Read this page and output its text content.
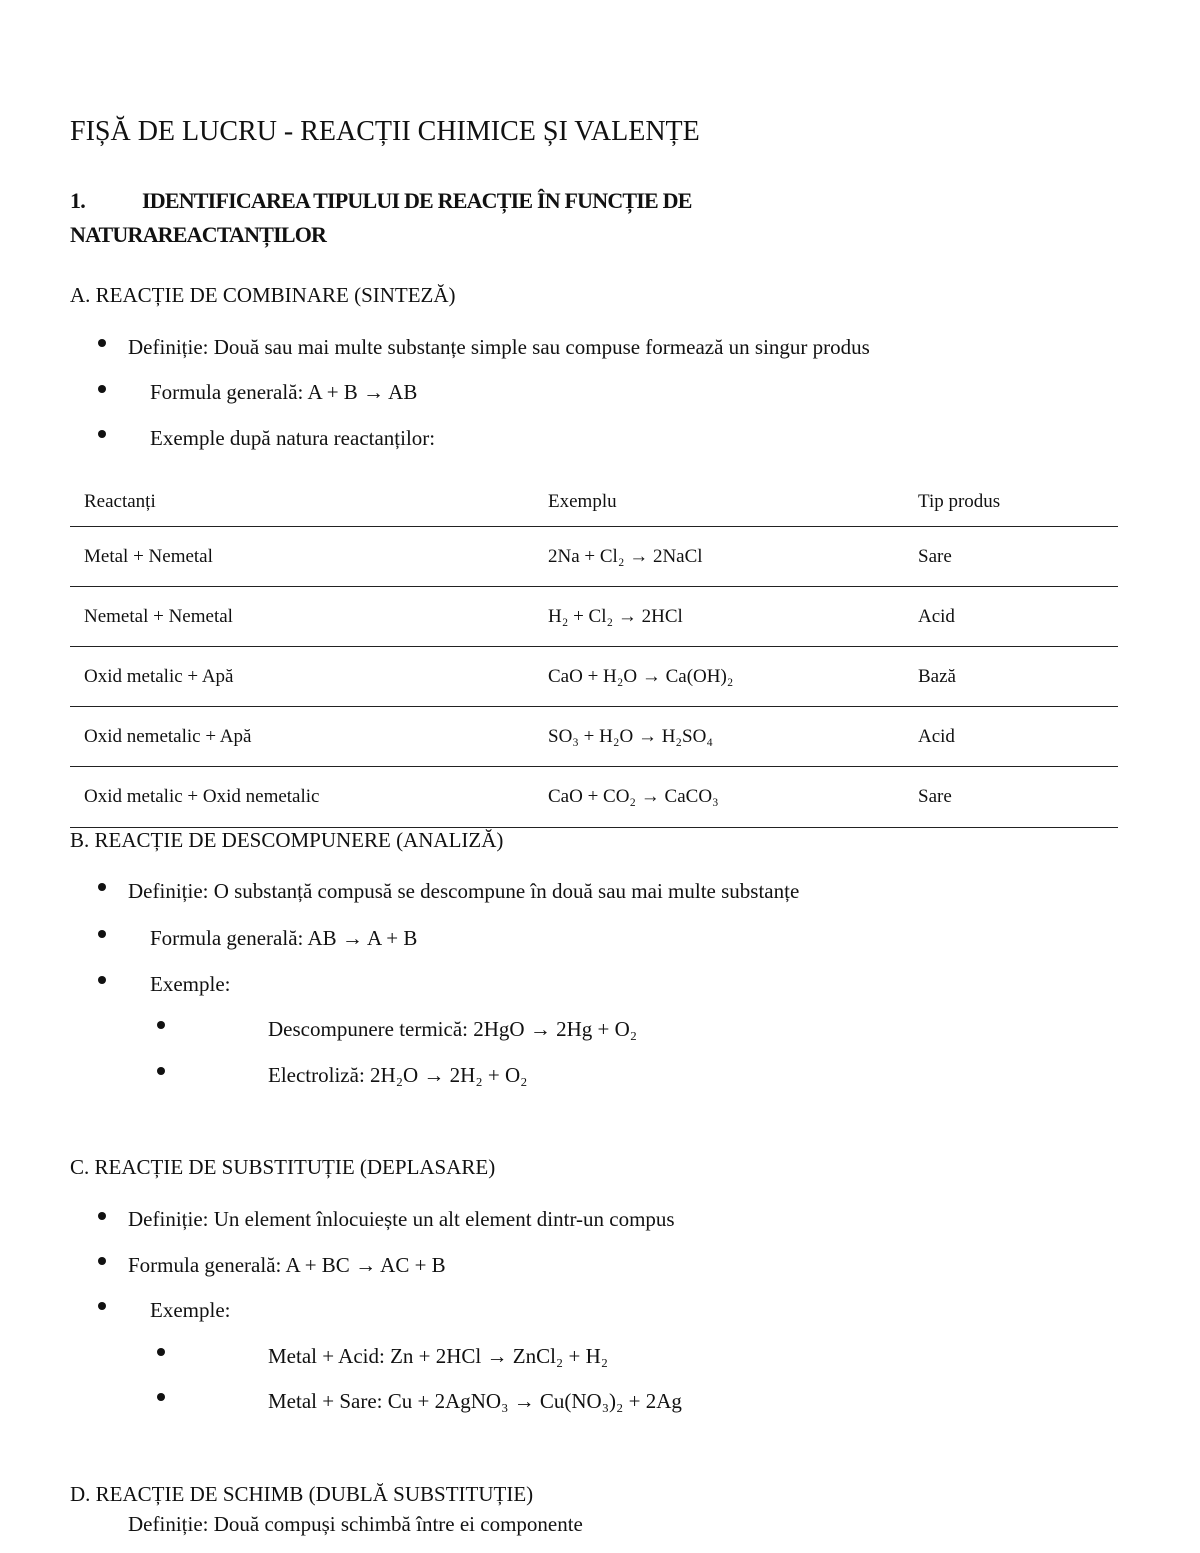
FIȘĂ DE LUCRU - REACȚII CHIMICE ȘI VALENȚE
1.	IDENTIFICAREA TIPULUI DE REACȚIE ÎN FUNCȚIE DE
NATURAREACTANȚILOR
A. REACȚIE DE COMBINARE (SINTEZĂ)
Definiție: Două sau mai multe substanțe simple sau compuse formează un singur produs
Formula generală: A + B → AB
Exemple după natura reactanților:
Reactanți	Exemplu	Tip produs
Metal + Nemetal	2Na + Cl₂ → 2NaCl	Sare
Nemetal + Nemetal	H₂ + Cl₂ → 2HCl	Acid
Oxid metalic + Apă	CaO + H₂O → Ca(OH)₂	Bază
Oxid nemetalic + Apă	SO₃ + H₂O → H₂SO₄	Acid
Oxid metalic + Oxid nemetalic	CaO + CO₂ → CaCO₃	Sare
B. REACȚIE DE DESCOMPUNERE (ANALIZĂ)
Definiție: O substanță compusă se descompune în două sau mai multe substanțe
Formula generală: AB → A + B
Exemple:
Descompunere termică: 2HgO → 2Hg + O₂
Electroliză: 2H₂O → 2H₂ + O₂
C. REACȚIE DE SUBSTITUȚIE (DEPLASARE)
Definiție: Un element înlocuiește un alt element dintr-un compus
Formula generală: A + BC → AC + B
Exemple:
Metal + Acid: Zn + 2HCl → ZnCl₂ + H₂
Metal + Sare: Cu + 2AgNO₃ → Cu(NO₃)₂ + 2Ag
D. REACȚIE DE SCHIMB (DUBLĂ SUBSTITUȚIE)
Definiție: Două compuși schimbă între ei componente
